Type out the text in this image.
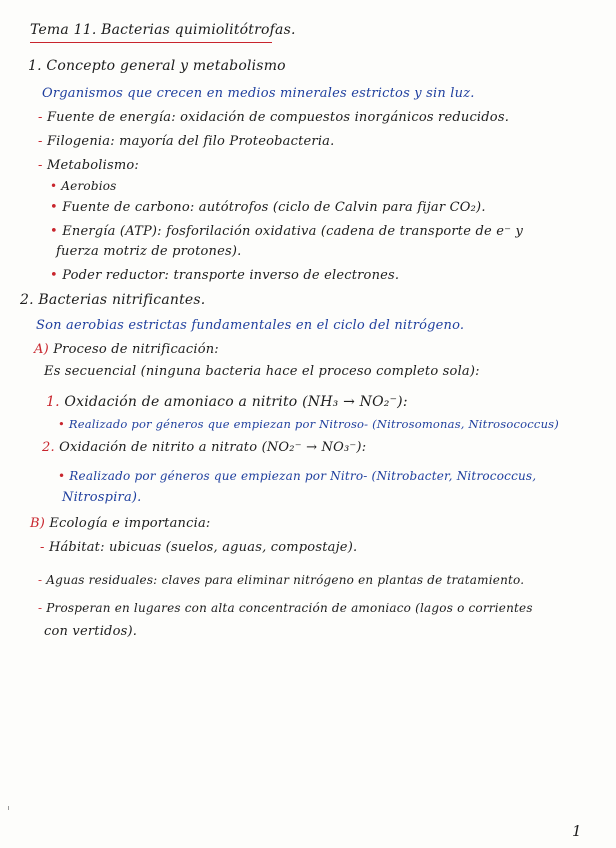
Tema 11. Bacterias quimiolitótrofas.
1. Concepto general y metabolismo
Organismos que crecen en medios minerales estrictos y sin luz.
- Fuente de energía: oxidación de compuestos inorgánicos reducidos.
- Filogenia: mayoría del filo Proteobacteria.
- Metabolismo:
• Aerobios
• Fuente de carbono: autótrofos (ciclo de Calvin para fijar CO₂).
• Energía (ATP): fosforilación oxidativa (cadena de transporte de e⁻ y
fuerza motriz de protones).
• Poder reductor: transporte inverso de electrones.
2. Bacterias nitrificantes.
Son aerobias estrictas fundamentales en el ciclo del nitrógeno.
A) Proceso de nitrificación:
Es secuencial (ninguna bacteria hace el proceso completo sola):
1. Oxidación de amoniaco a nitrito (NH₃ → NO₂⁻):
• Realizado por géneros que empiezan por Nitroso- (Nitrosomonas, Nitrosococcus)
2. Oxidación de nitrito a nitrato (NO₂⁻ → NO₃⁻):
• Realizado por géneros que empiezan por Nitro- (Nitrobacter, Nitrococcus,
Nitrospira).
B) Ecología e importancia:
- Hábitat: ubicuas (suelos, aguas, compostaje).
- Aguas residuales: claves para eliminar nitrógeno en plantas de tratamiento.
- Prosperan en lugares con alta concentración de amoniaco (lagos o corrientes
con vertidos).
1
